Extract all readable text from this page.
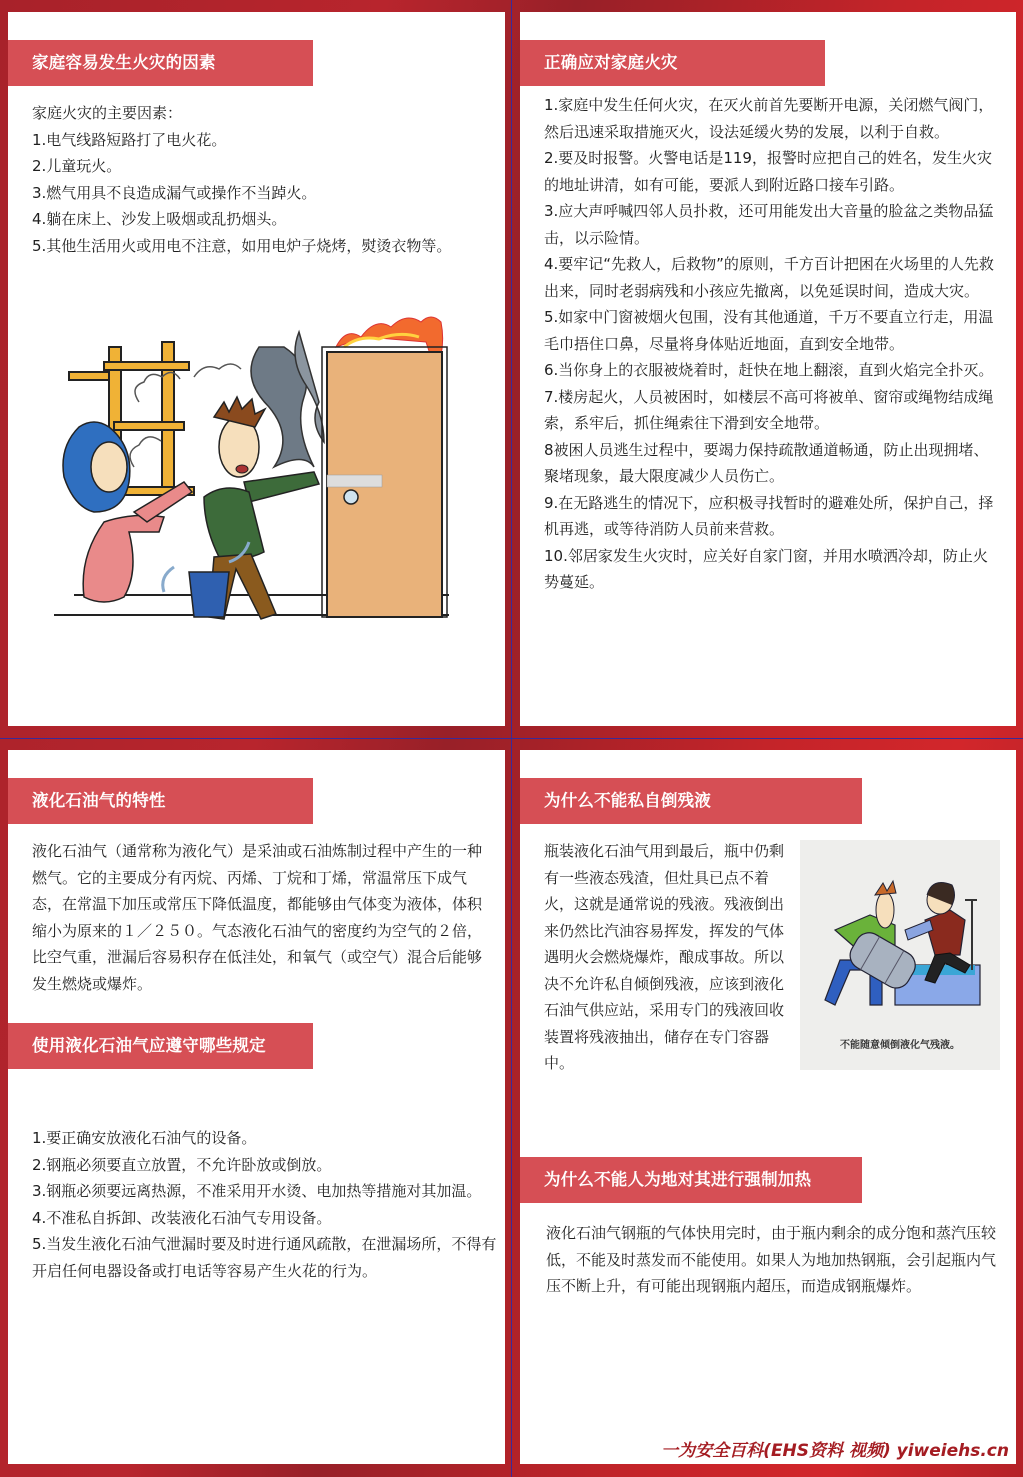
家庭容易发生火灾的因素

家庭火灾的主要因素：

1.电气线路短路打了电火花。

2.儿童玩火。

3.燃气用具不良造成漏气或操作不当踔火。

4.躺在床上、沙发上吸烟或乱扔烟头。

5.其他生活用火或用电不注意，如用电炉子烧烤，熨烫衣物等。

正确应对家庭火灾

1.家庭中发生任何火灾，在灭火前首先要断开电源，关闭燃气阀门，然后迅速采取措施灭火，设法延缓火势的发展，以利于自救。

2.要及时报警。火警电话是119，报警时应把自己的姓名，发生火灾的地址讲清，如有可能，要派人到附近路口接车引路。

3.应大声呼喊四邻人员扑救，还可用能发出大音量的脸盆之类物品猛击，以示险情。

4.要牢记“先救人，后救物”的原则，千方百计把困在火场里的人先救出来，同时老弱病残和小孩应先撤离，以免延误时间，造成大灾。

5.如家中门窗被烟火包围，没有其他通道，千万不要直立行走，用温毛巾捂住口鼻，尽量将身体贴近地面，直到安全地带。

6.当你身上的衣服被烧着时，赶快在地上翻滚，直到火焰完全扑灭。

7.楼房起火，人员被困时，如楼层不高可将被单、窗帘或绳物结成绳索，系牢后，抓住绳索往下滑到安全地带。

8被困人员逃生过程中，要竭力保持疏散通道畅通，防止出现拥堵、聚堵现象，最大限度减少人员伤亡。

9.在无路逃生的情况下，应积极寻找暂时的避难处所，保护自己，择机再逃，或等待消防人员前来营救。

10.邻居家发生火灾时，应关好自家门窗，并用水喷洒冷却，防止火势蔓延。

液化石油气的特性
液化石油气（通常称为液化气）是采油或石油炼制过程中产生的一种燃气。它的主要成分有丙烷、丙烯、丁烷和丁烯，常温常压下成气态，在常温下加压或常压下降低温度，都能够由气体变为液体，体积缩小为原来的１／２５０。气态液化石油气的密度约为空气的２倍，比空气重，泄漏后容易积存在低洼处，和氧气（或空气）混合后能够发生燃烧或爆炸。
使用液化石油气应遵守哪些规定

1.要正确安放液化石油气的设备。

2.钢瓶必须要直立放置，不允许卧放或倒放。

3.钢瓶必须要远离热源，不准采用开水烫、电加热等措施对其加温。

4.不准私自拆卸、改装液化石油气专用设备。

5.当发生液化石油气泄漏时要及时进行通风疏散，在泄漏场所，不得有开启任何电器设备或打电话等容易产生火花的行为。

为什么不能私自倒残液
瓶装液化石油气用到最后，瓶中仍剩有一些液态残渣，但灶具已点不着火，这就是通常说的残液。残液倒出来仍然比汽油容易挥发，挥发的气体遇明火会燃烧爆炸，酿成事故。所以决不允许私自倾倒残液，应该到液化石油气供应站，采用专门的残液回收装置将残液抽出，储存在专门容器中。
不能随意倾倒液化气残液。
为什么不能人为地对其进行强制加热
液化石油气钢瓶的气体快用完时，由于瓶内剩余的成分饱和蒸汽压较低，不能及时蒸发而不能使用。如果人为地加热钢瓶，会引起瓶内气压不断上升，有可能出现钢瓶内超压，而造成钢瓶爆炸。
一为安全百科(EHS资料 视频) yiweiehs.cn
